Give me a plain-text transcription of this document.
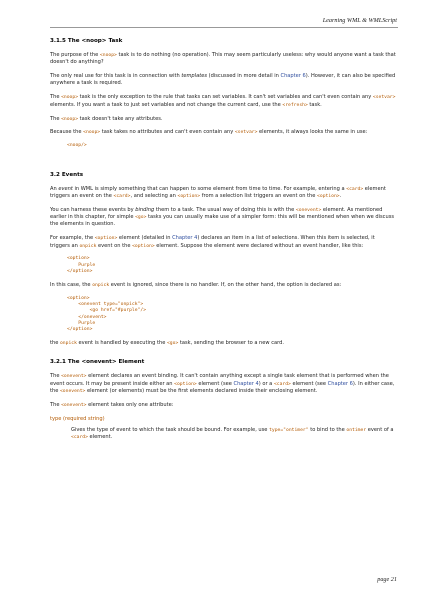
Learning WML & WMLScript
3.1.5 The <noop> Task

The purpose of the <noop> task is to do nothing (no operation). This may seem particularly useless: why would anyone want a task that doesn't do anything?

The only real use for this task is in connection with templates (discussed in more detail in Chapter 6). However, it can also be specified anywhere a task is required.

The <noop> task is the only exception to the rule that tasks can set variables. It can't set variables and can't even contain any <setvar> elements. If you want a task to just set variables and not change the current card, use the <refresh> task.

The <noop> task doesn't take any attributes.

Because the <noop> task takes no attributes and can't even contain any <setvar> elements, it always looks the same in use:

<noop/>
3.2 Events

An event in WML is simply something that can happen to some element from time to time. For example, entering a <card> element triggers an event on the <card>, and selecting an <option> from a selection list triggers an event on the <option>.

You can harness these events by binding them to a task. The usual way of doing this is with the <onevent> element. As mentioned earlier in this chapter, for simple <go> tasks you can usually make use of a simpler form: this will be mentioned when when we discuss the elements in question.

For example, the <option> element (detailed in Chapter 4) declares an item in a list of selections. When this item is selected, it triggers an onpick event on the <option> element. Suppose the element were declared without an event handler, like this:

<option>
Purple
</option>

In this case, the onpick event is ignored, since there is no handler. If, on the other hand, the option is declared as:

<option>
<onevent type="onpick">
<go href="#purple"/>
</onevent>
Purple
</option>

the onpick event is handled by executing the <go> task, sending the browser to a new card.

3.2.1 The <onevent> Element

The <onevent> element declares an event binding. It can't contain anything except a single task element that is performed when the event occurs. It may be present inside either an <option> element (see Chapter 4) or a <card> element (see Chapter 6). In either case, the <onevent> element (or elements) must be the first elements declared inside their enclosing element.

The <onevent> element takes only one attribute:

type (required string)

Gives the type of event to which the task should be bound. For example, use type="ontimer" to bind to the ontimer event of a <card> element.

page 21
